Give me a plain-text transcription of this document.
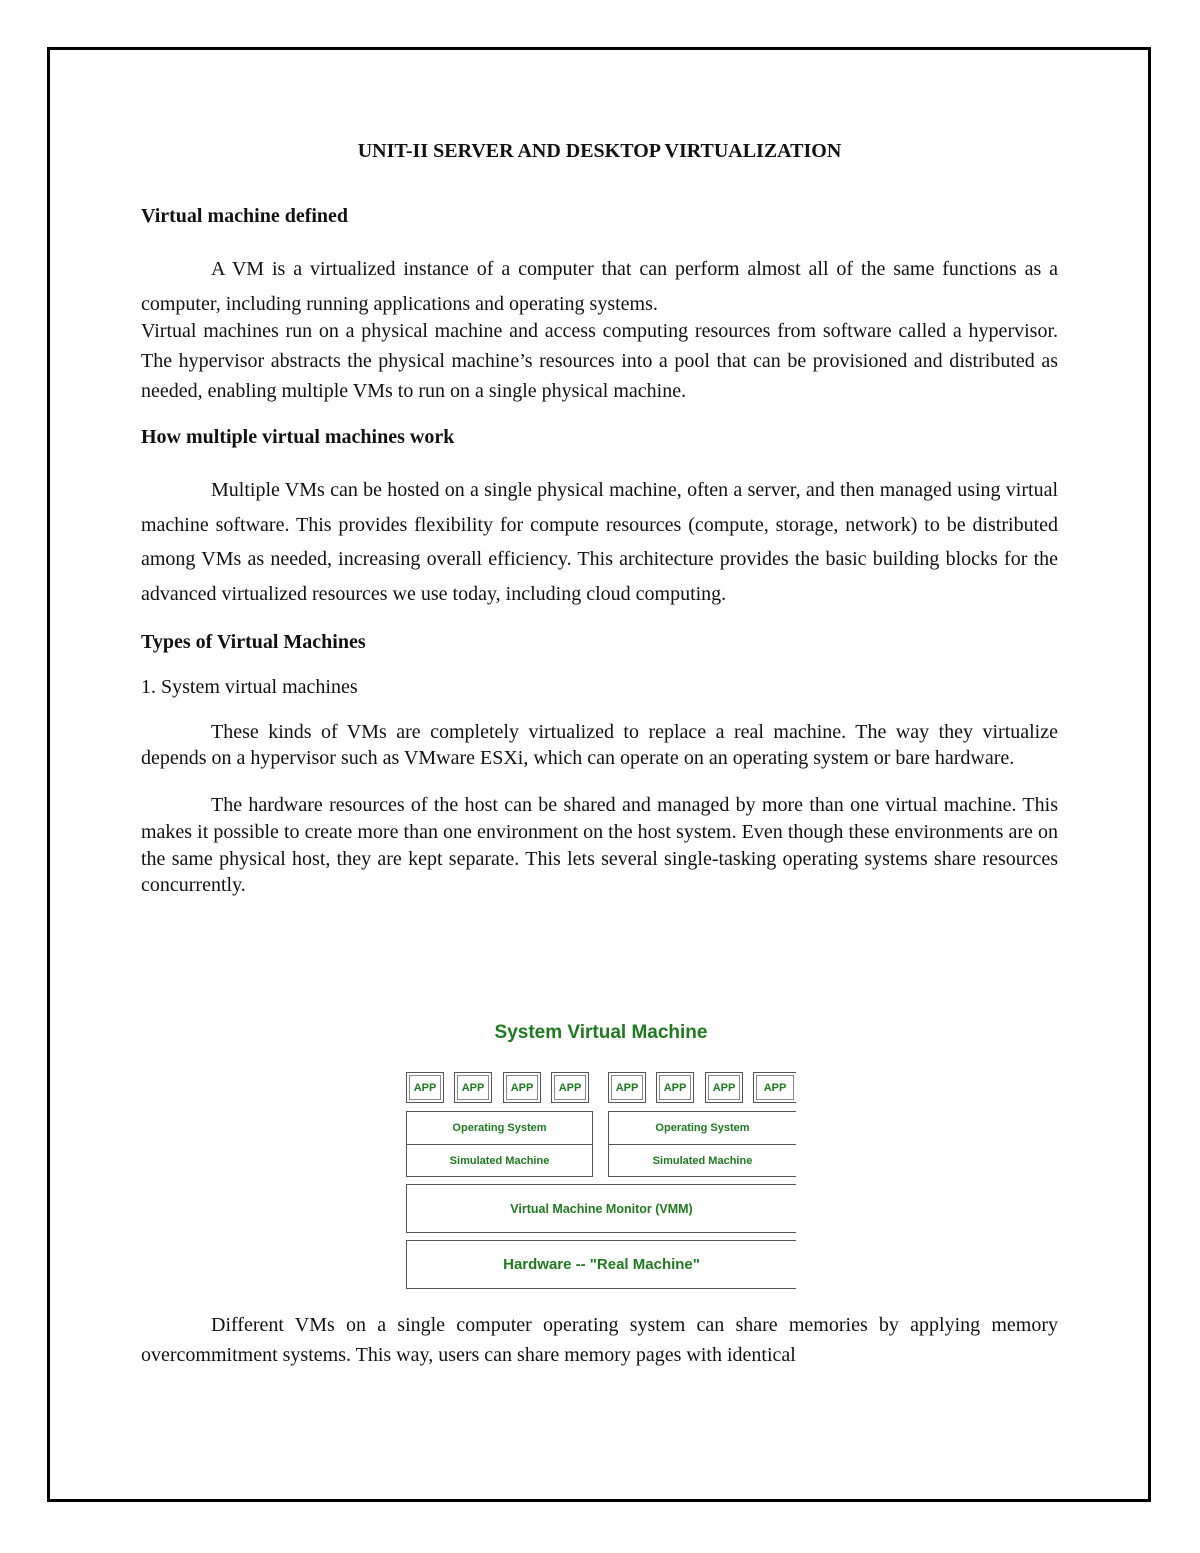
UNIT-II SERVER AND DESKTOP VIRTUALIZATION
Virtual machine defined

A VM is a virtualized instance of a computer that can perform almost all of the same functions as a computer, including running applications and operating systems.

Virtual machines run on a physical machine and access computing resources from software called a hypervisor. The hypervisor abstracts the physical machine’s resources into a pool that can be provisioned and distributed as needed, enabling multiple VMs to run on a single physical machine.

How multiple virtual machines work

Multiple VMs can be hosted on a single physical machine, often a server, and then managed using virtual machine software. This provides flexibility for compute resources (compute, storage, network) to be distributed among VMs as needed, increasing overall efficiency. This architecture provides the basic building blocks for the advanced virtualized resources we use today, including cloud computing.

Types of Virtual Machines

1. System virtual machines

These kinds of VMs are completely virtualized to replace a real machine. The way they virtualize depends on a hypervisor such as VMware ESXi, which can operate on an operating system or bare hardware.

The hardware resources of the host can be shared and managed by more than one virtual machine. This makes it possible to create more than one environment on the host system. Even though these environments are on the same physical host, they are kept separate. This lets several single-tasking operating systems share resources concurrently.

Different VMs on a single computer operating system can share memories by applying memory overcommitment systems. This way, users can share memory pages with identical

System Virtual Machine
APP	APP	APP	APP	APP	APP	APP	APP
Operating System
Simulated Machine
Operating System
Simulated Machine
Virtual Machine Monitor (VMM)
Hardware -- "Real Machine"
